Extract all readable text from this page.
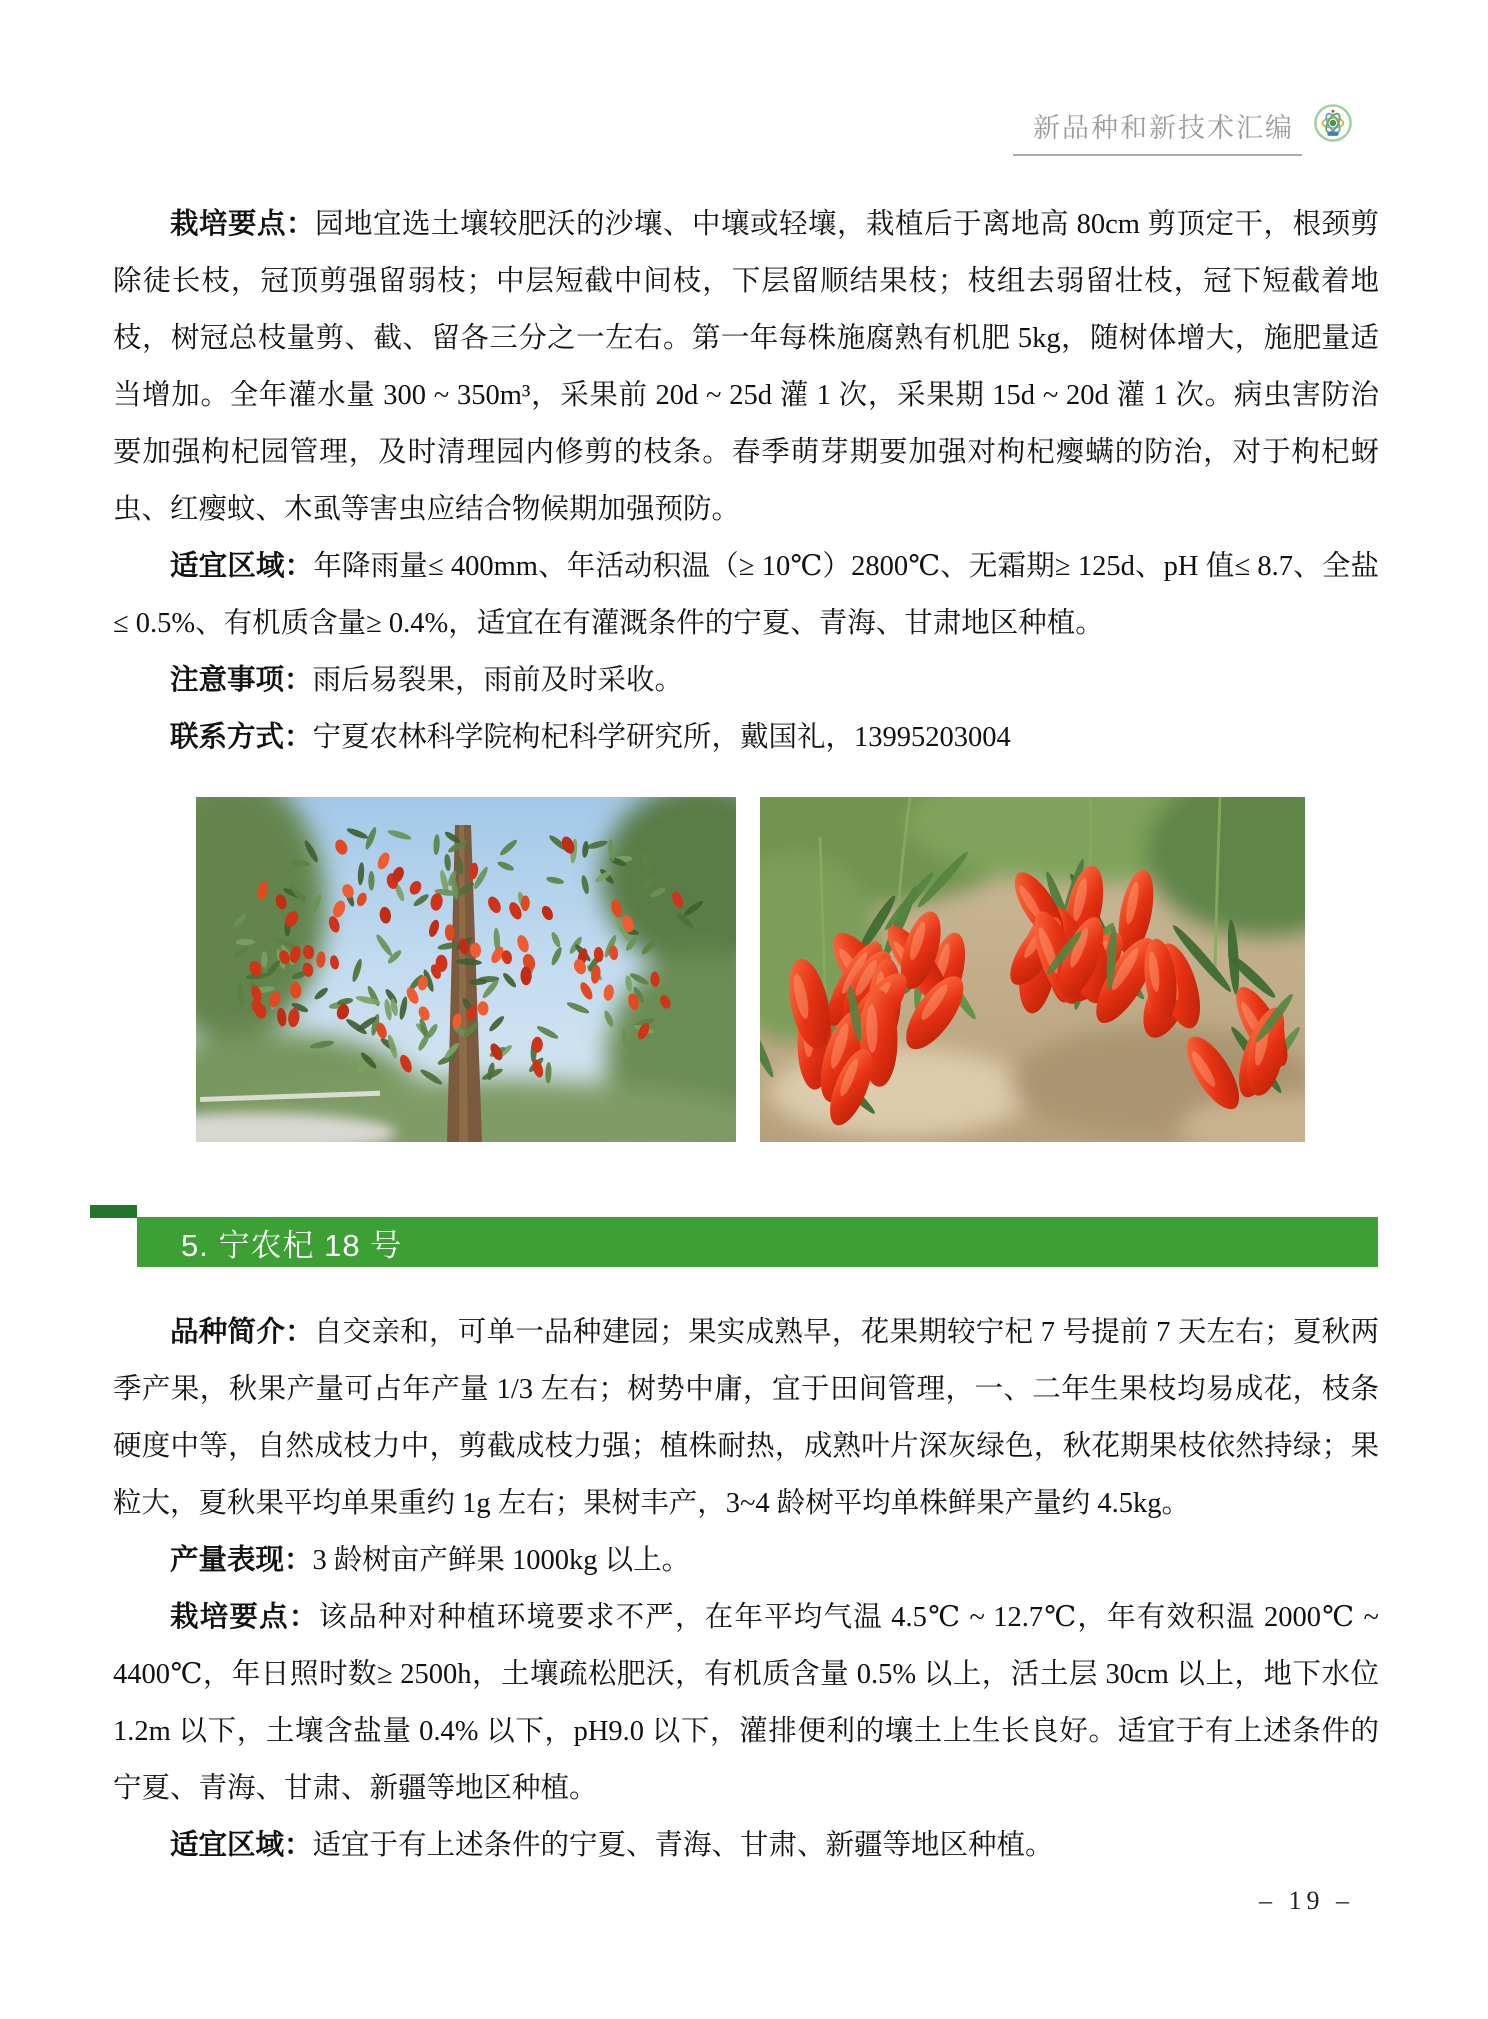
新品种和新技术汇编

栽培要点：园地宜选土壤较肥沃的沙壤、中壤或轻壤，栽植后于离地高 80cm 剪顶定干，根颈剪除徒长枝，冠顶剪强留弱枝；中层短截中间枝，下层留顺结果枝；枝组去弱留壮枝，冠下短截着地枝，树冠总枝量剪、截、留各三分之一左右。第一年每株施腐熟有机肥 5kg，随树体增大，施肥量适当增加。全年灌水量 300 ~ 350m³，采果前 20d ~ 25d 灌 1 次，采果期 15d ~ 20d 灌 1 次。病虫害防治要加强枸杞园管理，及时清理园内修剪的枝条。春季萌芽期要加强对枸杞瘿螨的防治，对于枸杞蚜虫、红瘿蚊、木虱等害虫应结合物候期加强预防。

适宜区域：年降雨量≤ 400mm、年活动积温（≥ 10℃）2800℃、无霜期≥ 125d、pH 值≤ 8.7、全盐≤ 0.5%、有机质含量≥ 0.4%，适宜在有灌溉条件的宁夏、青海、甘肃地区种植。

注意事项：雨后易裂果，雨前及时采收。

联系方式：宁夏农林科学院枸杞科学研究所，戴国礼，13995203004

5. 宁农杞 18 号

品种简介：自交亲和，可单一品种建园；果实成熟早，花果期较宁杞 7 号提前 7 天左右；夏秋两季产果，秋果产量可占年产量 1/3 左右；树势中庸，宜于田间管理，一、二年生果枝均易成花，枝条硬度中等，自然成枝力中，剪截成枝力强；植株耐热，成熟叶片深灰绿色，秋花期果枝依然持绿；果粒大，夏秋果平均单果重约 1g 左右；果树丰产，3~4 龄树平均单株鲜果产量约 4.5kg。

产量表现：3 龄树亩产鲜果 1000kg 以上。

栽培要点：该品种对种植环境要求不严，在年平均气温 4.5℃ ~ 12.7℃，年有效积温 2000℃ ~ 4400℃，年日照时数≥ 2500h，土壤疏松肥沃，有机质含量 0.5% 以上，活土层 30cm 以上，地下水位 1.2m 以下，土壤含盐量 0.4% 以下，pH9.0 以下，灌排便利的壤土上生长良好。适宜于有上述条件的宁夏、青海、甘肃、新疆等地区种植。

适宜区域：适宜于有上述条件的宁夏、青海、甘肃、新疆等地区种植。

– 19 –
